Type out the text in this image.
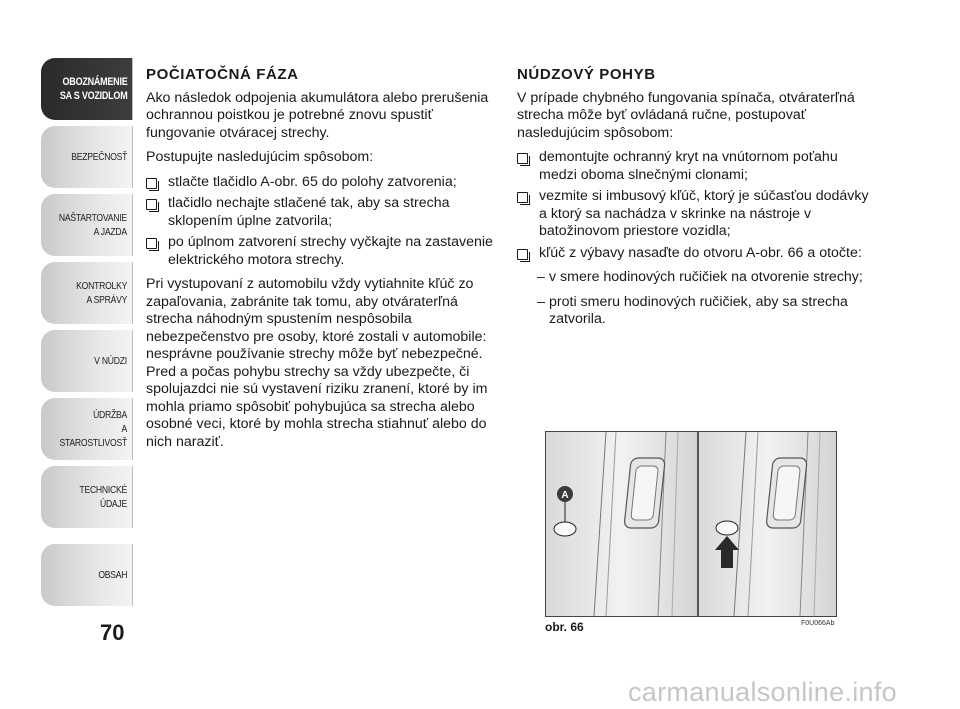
OBOZNÁMENIE
SA S VOZIDLOM
BEZPEČNOSŤ
NAŠTARTOVANIE
A JAZDA
KONTROLKY
A SPRÁVY
V NÚDZI
ÚDRŽBA
A STAROSTLIVOSŤ
TECHNICKÉ
ÚDAJE
OBSAH
70
POČIATOČNÁ FÁZA

Ako následok odpojenia akumulátora alebo prerušenia ochrannou poistkou je potrebné znovu spustiť fungovanie otváracej strechy.

Postupujte nasledujúcim spôsobom:

stlačte tlačidlo A-obr. 65 do polohy zatvorenia;
tlačidlo nechajte stlačené tak, aby sa strecha sklopením úplne zatvorila;
po úplnom zatvorení strechy vyčkajte na zastavenie elektrického motora strechy.

Pri vystupovaní z automobilu vždy vytiahnite kľúč zo zapaľovania, zabránite tak tomu, aby otváraterľná strecha náhodným spustením nespôsobila nebezpečenstvo pre osoby, ktoré zostali v automobile: nesprávne používanie strechy môže byť nebezpečné. Pred a počas pohybu strechy sa vždy ubezpečte, či spolujazdci nie sú vystavení riziku zranení, ktoré by im mohla priamo spôsobiť pohybujúca sa strecha alebo osobné veci, ktoré by mohla strecha stiahnuť alebo do nich naraziť.

NÚDZOVÝ POHYB

V prípade chybného fungovania spínača, otváraterľná strecha môže byť ovládaná ručne, postupovať nasledujúcim spôsobom:

demontujte ochranný kryt na vnútornom poťahu medzi oboma slnečnými clonami;
vezmite si imbusový kľúč, ktorý je súčasťou dodávky a ktorý sa nachádza v skrinke na nástroje v batožinovom priestore vozidla;
kľúč z výbavy nasaďte do otvoru A-obr. 66 a otočte:
– v smere hodinových ručičiek na otvorenie strechy;
– proti smeru hodinových ručičiek, aby sa strecha zatvorila.
A
obr. 66	F0U066Ab
carmanualsonline.info
